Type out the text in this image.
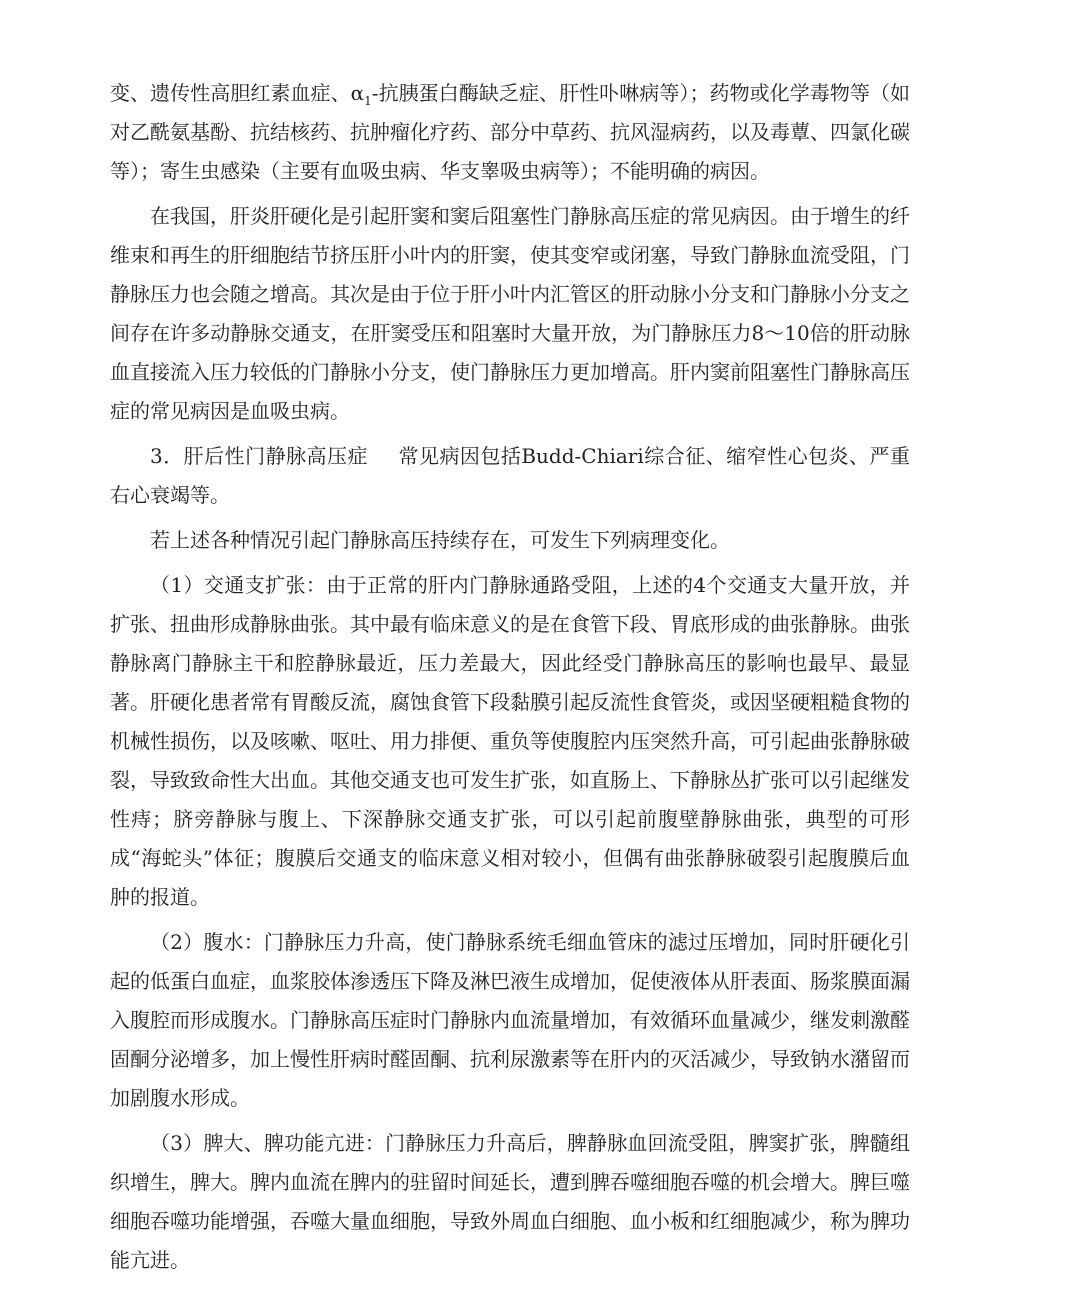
变、遗传性高胆红素血症、$\alpha_1-$抗胰蛋白酶缺乏症、肝性卟啉病等）；药物或化学毒物等（如对乙酰氨基酚、抗结核药、抗肿瘤化疗药、部分中草药、抗风湿病药，以及毒蕈、四氯化碳等）；寄生虫感染（主要有血吸虫病、华支睾吸虫病等）；不能明确的病因。

在我国，肝炎肝硬化是引起肝窦和窦后阻塞性门静脉高压症的常见病因。由于增生的纤维束和再生的肝细胞结节挤压肝小叶内的肝窦，使其变窄或闭塞，导致门静脉血流受阻，门静脉压力也会随之增高。其次是由于位于肝小叶内汇管区的肝动脉小分支和门静脉小分支之间存在许多动静脉交通支，在肝窦受压和阻塞时大量开放，为门静脉压力8～10倍的肝动脉血直接流入压力较低的门静脉小分支，使门静脉压力更加增高。肝内窦前阻塞性门静脉高压症的常见病因是血吸虫病。

3．肝后性门静脉高压症 常见病因包括Budd-Chiari综合征、缩窄性心包炎、严重右心衰竭等。

若上述各种情况引起门静脉高压持续存在，可发生下列病理变化。

（1）交通支扩张：由于正常的肝内门静脉通路受阻，上述的4个交通支大量开放，并扩张、扭曲形成静脉曲张。其中最有临床意义的是在食管下段、胃底形成的曲张静脉。曲张静脉离门静脉主干和腔静脉最近，压力差最大，因此经受门静脉高压的影响也最早、最显著。肝硬化患者常有胃酸反流，腐蚀食管下段黏膜引起反流性食管炎，或因坚硬粗糙食物的机械性损伤，以及咳嗽、呕吐、用力排便、重负等使腹腔内压突然升高，可引起曲张静脉破裂，导致致命性大出血。其他交通支也可发生扩张，如直肠上、下静脉丛扩张可以引起继发性痔；脐旁静脉与腹上、下深静脉交通支扩张，可以引起前腹壁静脉曲张，典型的可形成“海蛇头”体征；腹膜后交通支的临床意义相对较小，但偶有曲张静脉破裂引起腹膜后血肿的报道。

（2）腹水：门静脉压力升高，使门静脉系统毛细血管床的滤过压增加，同时肝硬化引起的低蛋白血症，血浆胶体渗透压下降及淋巴液生成增加，促使液体从肝表面、肠浆膜面漏入腹腔而形成腹水。门静脉高压症时门静脉内血流量增加，有效循环血量减少，继发刺激醛固酮分泌增多，加上慢性肝病时醛固酮、抗利尿激素等在肝内的灭活减少，导致钠水潴留而加剧腹水形成。

（3）脾大、脾功能亢进：门静脉压力升高后，脾静脉血回流受阻，脾窦扩张，脾髓组织增生，脾大。脾内血流在脾内的驻留时间延长，遭到脾吞噬细胞吞噬的机会增大。脾巨噬细胞吞噬功能增强，吞噬大量血细胞，导致外周血白细胞、血小板和红细胞减少，称为脾功能亢进。
